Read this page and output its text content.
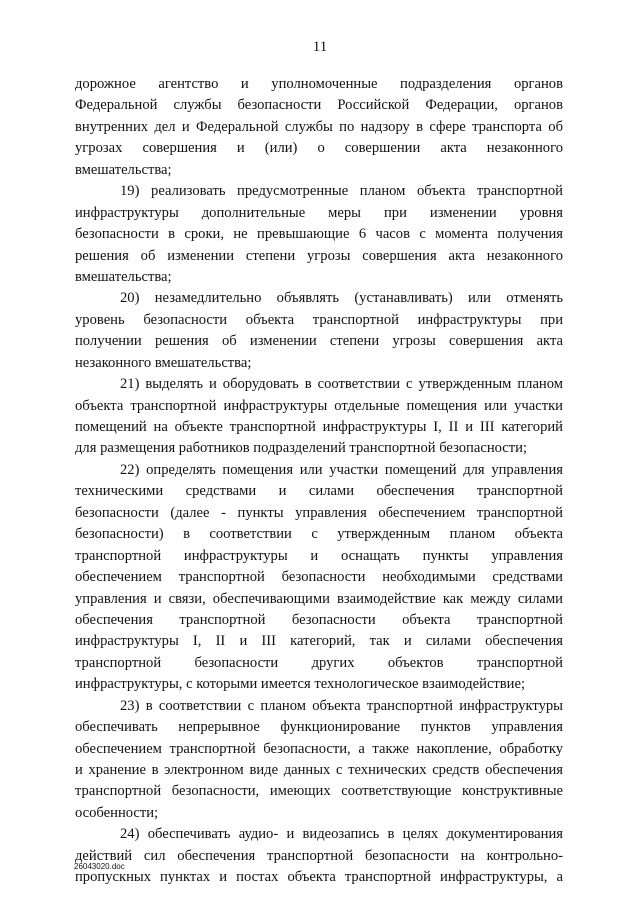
11
дорожное агентство и уполномоченные подразделения органов
Федеральной службы безопасности Российской Федерации, органов
внутренних дел и Федеральной службы по надзору в сфере транспорта об
угрозах совершения и (или) о совершении акта незаконного
вмешательства;
19) реализовать предусмотренные планом объекта транспортной
инфраструктуры дополнительные меры при изменении уровня
безопасности в сроки, не превышающие 6 часов с момента получения
решения об изменении степени угрозы совершения акта незаконного
вмешательства;
20) незамедлительно объявлять (устанавливать) или отменять
уровень безопасности объекта транспортной инфраструктуры при
получении решения об изменении степени угрозы совершения акта
незаконного вмешательства;
21) выделять и оборудовать в соответствии с утвержденным планом
объекта транспортной инфраструктуры отдельные помещения или участки
помещений на объекте транспортной инфраструктуры I, II и III категорий
для размещения работников подразделений транспортной безопасности;
22) определять помещения или участки помещений для управления
техническими средствами и силами обеспечения транспортной
безопасности (далее - пункты управления обеспечением транспортной
безопасности) в соответствии с утвержденным планом объекта
транспортной инфраструктуры и оснащать пункты управления
обеспечением транспортной безопасности необходимыми средствами
управления и связи, обеспечивающими взаимодействие как между силами
обеспечения транспортной безопасности объекта транспортной
инфраструктуры I, II и III категорий, так и силами обеспечения
транспортной безопасности других объектов транспортной
инфраструктуры, с которыми имеется технологическое взаимодействие;
23) в соответствии с планом объекта транспортной инфраструктуры
обеспечивать непрерывное функционирование пунктов управления
обеспечением транспортной безопасности, а также накопление, обработку
и хранение в электронном виде данных с технических средств обеспечения
транспортной безопасности, имеющих соответствующие конструктивные
особенности;
24) обеспечивать аудио- и видеозапись в целях документирования
действий сил обеспечения транспортной безопасности на контрольно-
пропускных пунктах и постах объекта транспортной инфраструктуры, а
26043020.doc
